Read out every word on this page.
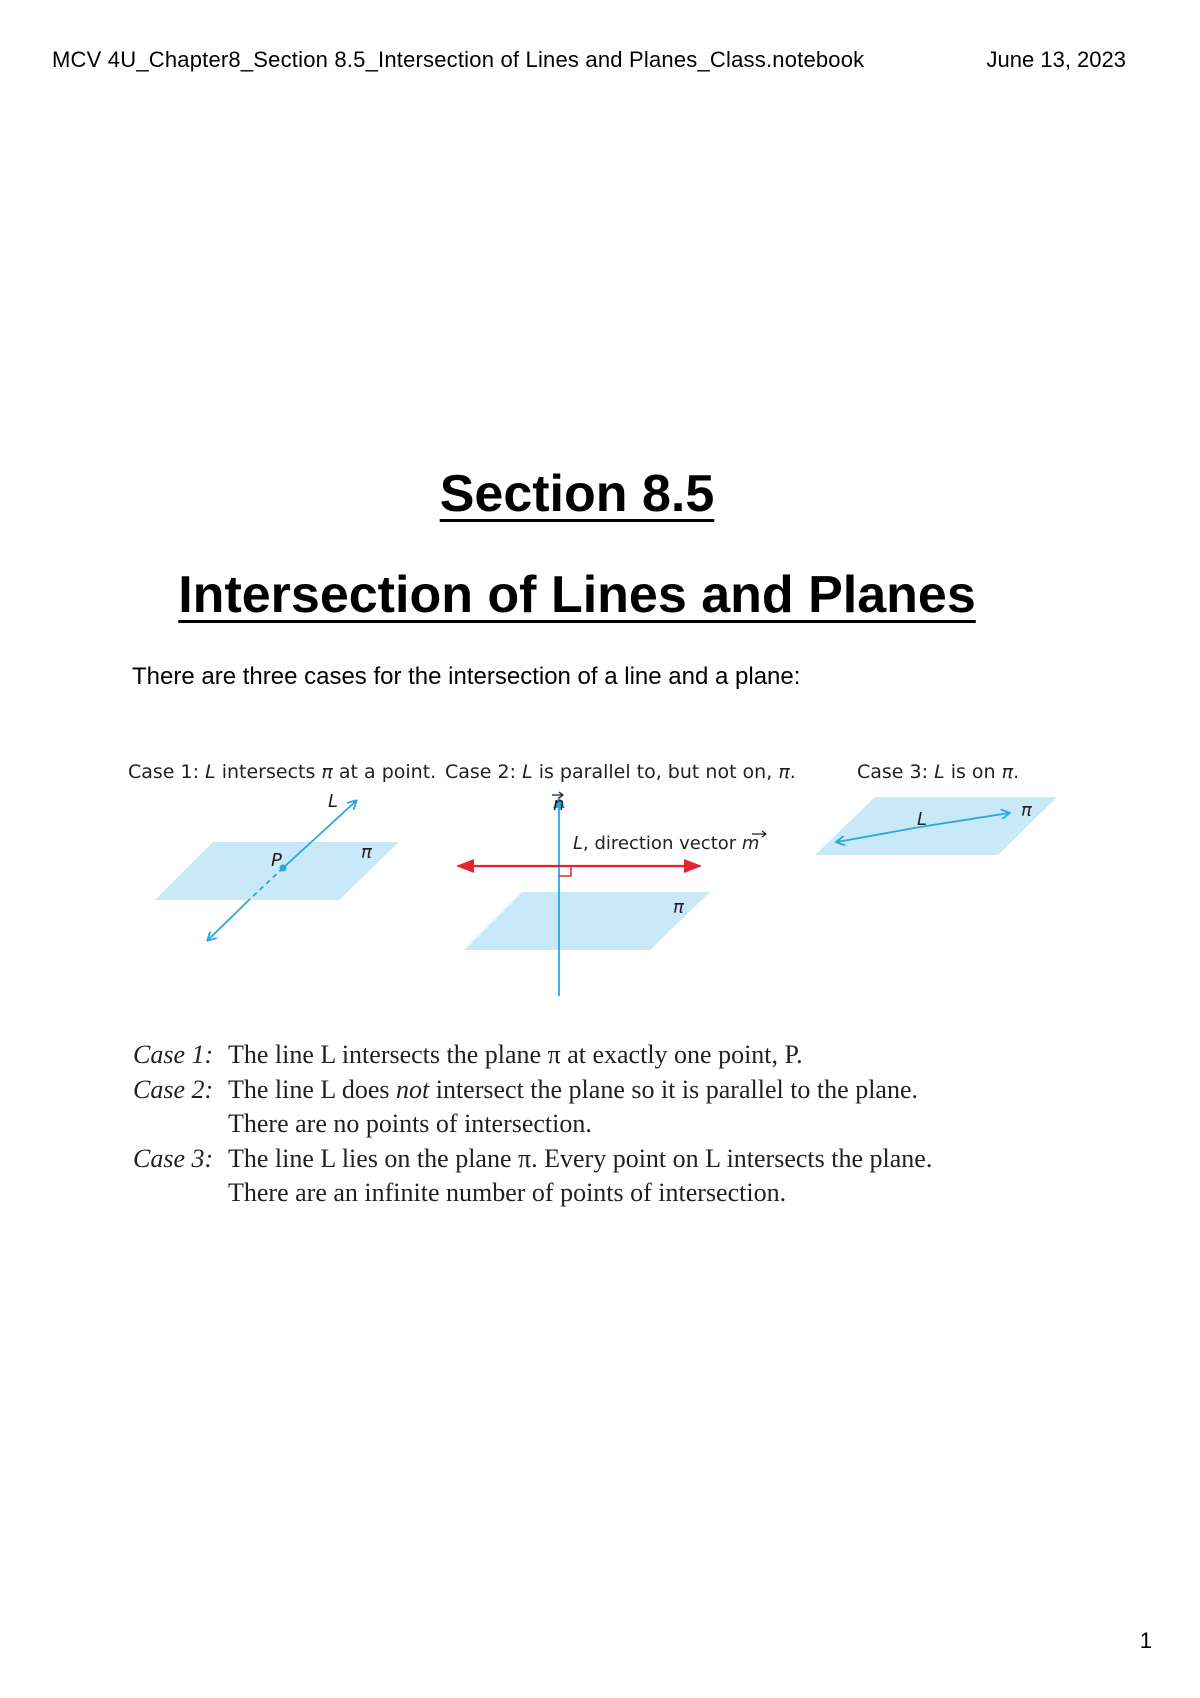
MCV 4U_Chapter8_Section 8.5_Intersection of Lines and Planes_Class.notebook	June 13, 2023
Section 8.5
Intersection of Lines and Planes
There are three cases for the intersection of a line and a plane:
Case 1: L intersects π at a point. Case 2: L is parallel to, but not on, π.	Case 3: L is on π.
L
P	π
n
L, direction vector m
π
L	π
Case 1: The line L intersects the plane π at exactly one point, P.
Case 2: The line L does not intersect the plane so it is parallel to the plane.
There are no points of intersection.
Case 3: The line L lies on the plane π. Every point on L intersects the plane.
There are an infinite number of points of intersection.
1
